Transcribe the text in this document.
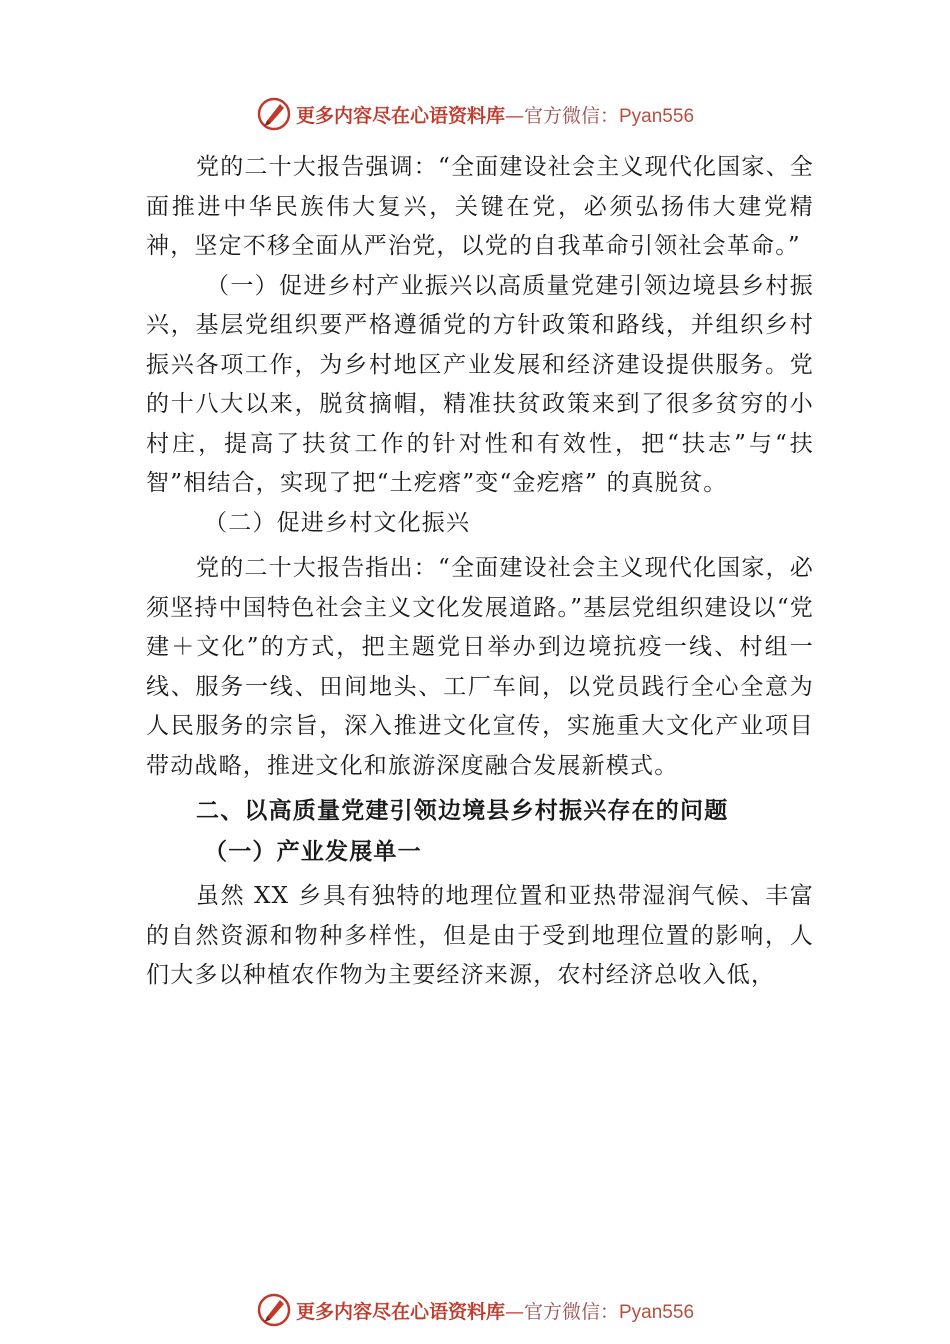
更多内容尽在心语资料库—官方微信：Pyan556

党的二十大报告强调：“全面建设社会主义现代化国家、全面推进中华民族伟大复兴，关键在党，必须弘扬伟大建党精神，坚定不移全面从严治党，以党的自我革命引领社会革命。”

（一）促进乡村产业振兴以高质量党建引领边境县乡村振兴，基层党组织要严格遵循党的方针政策和路线，并组织乡村振兴各项工作，为乡村地区产业发展和经济建设提供服务。党的十八大以来，脱贫摘帽，精准扶贫政策来到了很多贫穷的小村庄，提高了扶贫工作的针对性和有效性，把“扶志”与“扶智”相结合，实现了把“土疙瘩”变“金疙瘩” 的真脱贫。

（二）促进乡村文化振兴

党的二十大报告指出：“全面建设社会主义现代化国家，必须坚持中国特色社会主义文化发展道路。”基层党组织建设以“党建＋文化”的方式，把主题党日举办到边境抗疫一线、村组一线、服务一线、田间地头、工厂车间，以党员践行全心全意为人民服务的宗旨，深入推进文化宣传，实施重大文化产业项目带动战略，推进文化和旅游深度融合发展新模式。

二、以高质量党建引领边境县乡村振兴存在的问题

（一）产业发展单一

虽然 XX 乡具有独特的地理位置和亚热带湿润气候、丰富的自然资源和物种多样性，但是由于受到地理位置的影响，人们大多以种植农作物为主要经济来源，农村经济总收入低，

更多内容尽在心语资料库—官方微信：Pyan556
